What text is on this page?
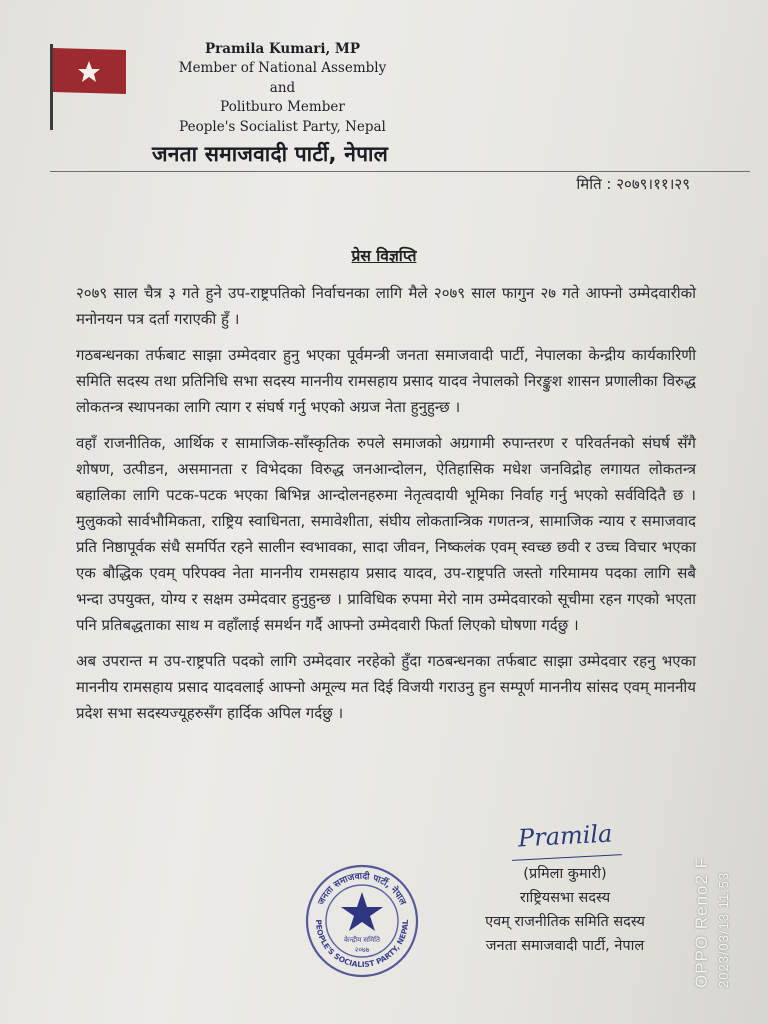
Pramila Kumari, MP
Member of National Assembly
and
Politburo Member
People's Socialist Party, Nepal
जनता समाजवादी पार्टी, नेपाल
मिति : २०७९।११।२९
प्रेस विज्ञप्ति

२०७९ साल चैत्र ३ गते हुने उप-राष्ट्रपतिको निर्वाचनका लागि मैले २०७९ साल फागुन २७ गते आफ्नो उम्मेदवारीको मनोनयन पत्र दर्ता गराएकी हुँ ।

गठबन्धनका तर्फबाट साझा उम्मेदवार हुनु भएका पूर्वमन्त्री जनता समाजवादी पार्टी, नेपालका केन्द्रीय कार्यकारिणी समिति सदस्य तथा प्रतिनिधि सभा सदस्य माननीय रामसहाय प्रसाद यादव नेपालको निरङ्कुश शासन प्रणालीका विरुद्ध लोकतन्त्र स्थापनका लागि त्याग र संघर्ष गर्नु भएको अग्रज नेता हुनुहुन्छ ।

वहाँ राजनीतिक, आर्थिक र सामाजिक-साँस्कृतिक रुपले समाजको अग्रगामी रुपान्तरण र परिवर्तनको संघर्ष सँगै शोषण, उत्पीडन, असमानता र विभेदका विरुद्ध जनआन्दोलन, ऐतिहासिक मधेश जनविद्रोह लगायत लोकतन्त्र बहालिका लागि पटक-पटक भएका बिभिन्न आन्दोलनहरुमा नेतृत्वदायी भूमिका निर्वाह गर्नु भएको सर्वविदितै छ । मुलुकको सार्वभौमिकता, राष्ट्रिय स्वाधिनता, समावेशीता, संघीय लोकतान्त्रिक गणतन्त्र, सामाजिक न्याय र समाजवाद प्रति निष्ठापूर्वक संधै समर्पित रहने सालीन स्वभावका, सादा जीवन, निष्कलंक एवम् स्वच्छ छवी र उच्च विचार भएका एक बौद्धिक एवम् परिपक्व नेता माननीय रामसहाय प्रसाद यादव, उप-राष्ट्रपति जस्तो गरिमामय पदका लागि सबै भन्दा उपयुक्त, योग्य र सक्षम उम्मेदवार हुनुहुन्छ । प्राविधिक रुपमा मेरो नाम उम्मेदवारको सूचीमा रहन गएको भएता पनि प्रतिबद्धताका साथ म वहाँलाई समर्थन गर्दै आफ्नो उम्मेदवारी फिर्ता लिएको घोषणा गर्दछु ।

अब उपरान्त म उप-राष्ट्रपति पदको लागि उम्मेदवार नरहेको हुँदा गठबन्धनका तर्फबाट साझा उम्मेदवार रहनु भएका माननीय रामसहाय प्रसाद यादवलाई आफ्नो अमूल्य मत दिई विजयी गराउनु हुन सम्पूर्ण माननीय सांसद एवम् माननीय प्रदेश सभा सदस्यज्यूहरुसँग हार्दिक अपिल गर्दछु ।

Pramila
(प्रमिला कुमारी)
राष्ट्रियसभा सदस्य
एवम् राजनीतिक समिति सदस्य
जनता समाजवादी पार्टी, नेपाल
जनता समाजवादी पार्टी, नेपाल
PEOPLE'S SOCIALIST PARTY, NEPAL
केन्द्रीय समिति
२०७७	OPPO Reno2 F 2023/03/13 11:53
